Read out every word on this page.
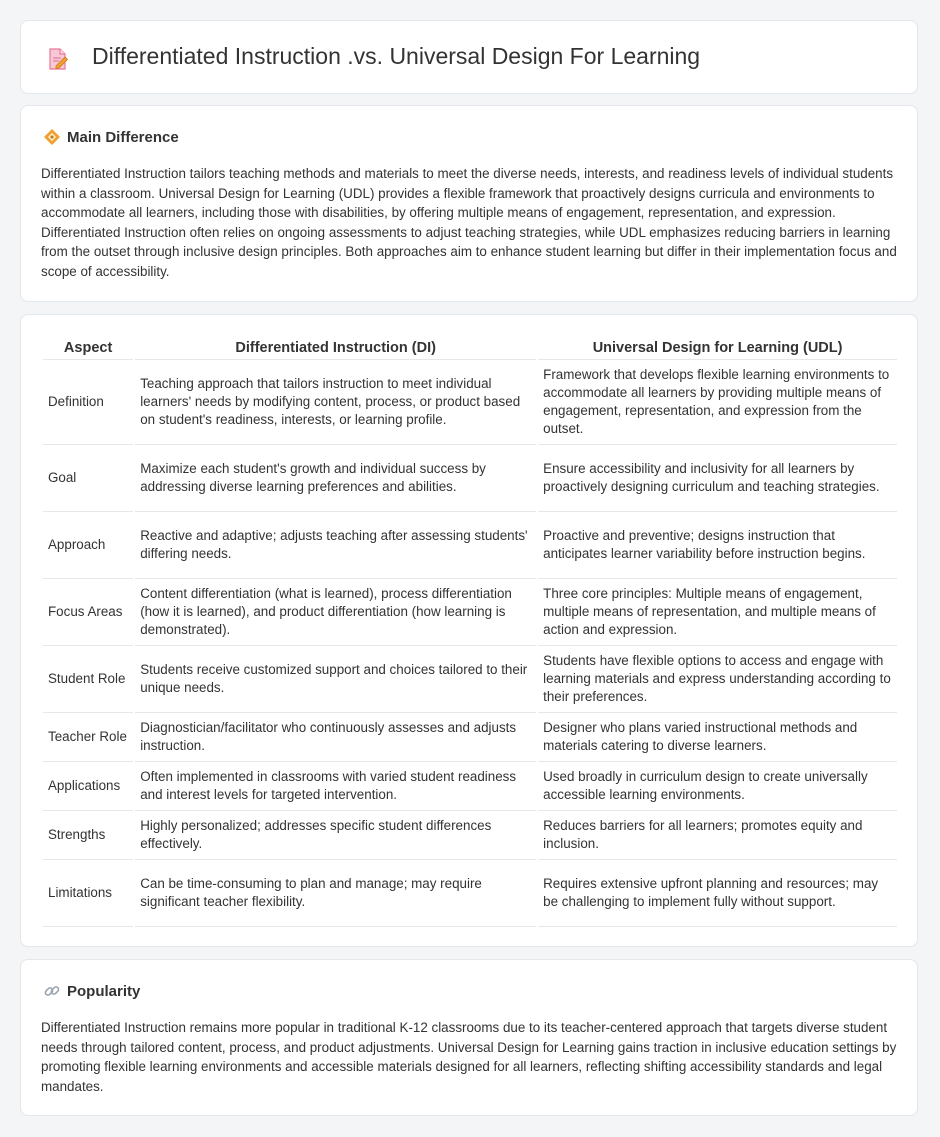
Differentiated Instruction .vs. Universal Design For Learning
Main Difference

Differentiated Instruction tailors teaching methods and materials to meet the diverse needs, interests, and readiness levels of individual students within a classroom. Universal Design for Learning (UDL) provides a flexible framework that proactively designs curricula and environments to accommodate all learners, including those with disabilities, by offering multiple means of engagement, representation, and expression. Differentiated Instruction often relies on ongoing assessments to adjust teaching strategies, while UDL emphasizes reducing barriers in learning from the outset through inclusive design principles. Both approaches aim to enhance student learning but differ in their implementation focus and scope of accessibility.

Aspect	Differentiated Instruction (DI)	Universal Design for Learning (UDL)
Definition	Teaching approach that tailors instruction to meet individual learners' needs by modifying content, process, or product based on student's readiness, interests, or learning profile.	Framework that develops flexible learning environments to accommodate all learners by providing multiple means of engagement, representation, and expression from the outset.
Goal	Maximize each student's growth and individual success by addressing diverse learning preferences and abilities.	Ensure accessibility and inclusivity for all learners by proactively designing curriculum and teaching strategies.
Approach	Reactive and adaptive; adjusts teaching after assessing students' differing needs.	Proactive and preventive; designs instruction that anticipates learner variability before instruction begins.
Focus Areas	Content differentiation (what is learned), process differentiation (how it is learned), and product differentiation (how learning is demonstrated).	Three core principles: Multiple means of engagement, multiple means of representation, and multiple means of action and expression.
Student Role	Students receive customized support and choices tailored to their unique needs.	Students have flexible options to access and engage with learning materials and express understanding according to their preferences.
Teacher Role	Diagnostician/facilitator who continuously assesses and adjusts instruction.	Designer who plans varied instructional methods and materials catering to diverse learners.
Applications	Often implemented in classrooms with varied student readiness and interest levels for targeted intervention.	Used broadly in curriculum design to create universally accessible learning environments.
Strengths	Highly personalized; addresses specific student differences effectively.	Reduces barriers for all learners; promotes equity and inclusion.
Limitations	Can be time-consuming to plan and manage; may require significant teacher flexibility.	Requires extensive upfront planning and resources; may be challenging to implement fully without support.
Popularity

Differentiated Instruction remains more popular in traditional K-12 classrooms due to its teacher-centered approach that targets diverse student needs through tailored content, process, and product adjustments. Universal Design for Learning gains traction in inclusive education settings by promoting flexible learning environments and accessible materials designed for all learners, reflecting shifting accessibility standards and legal mandates.
